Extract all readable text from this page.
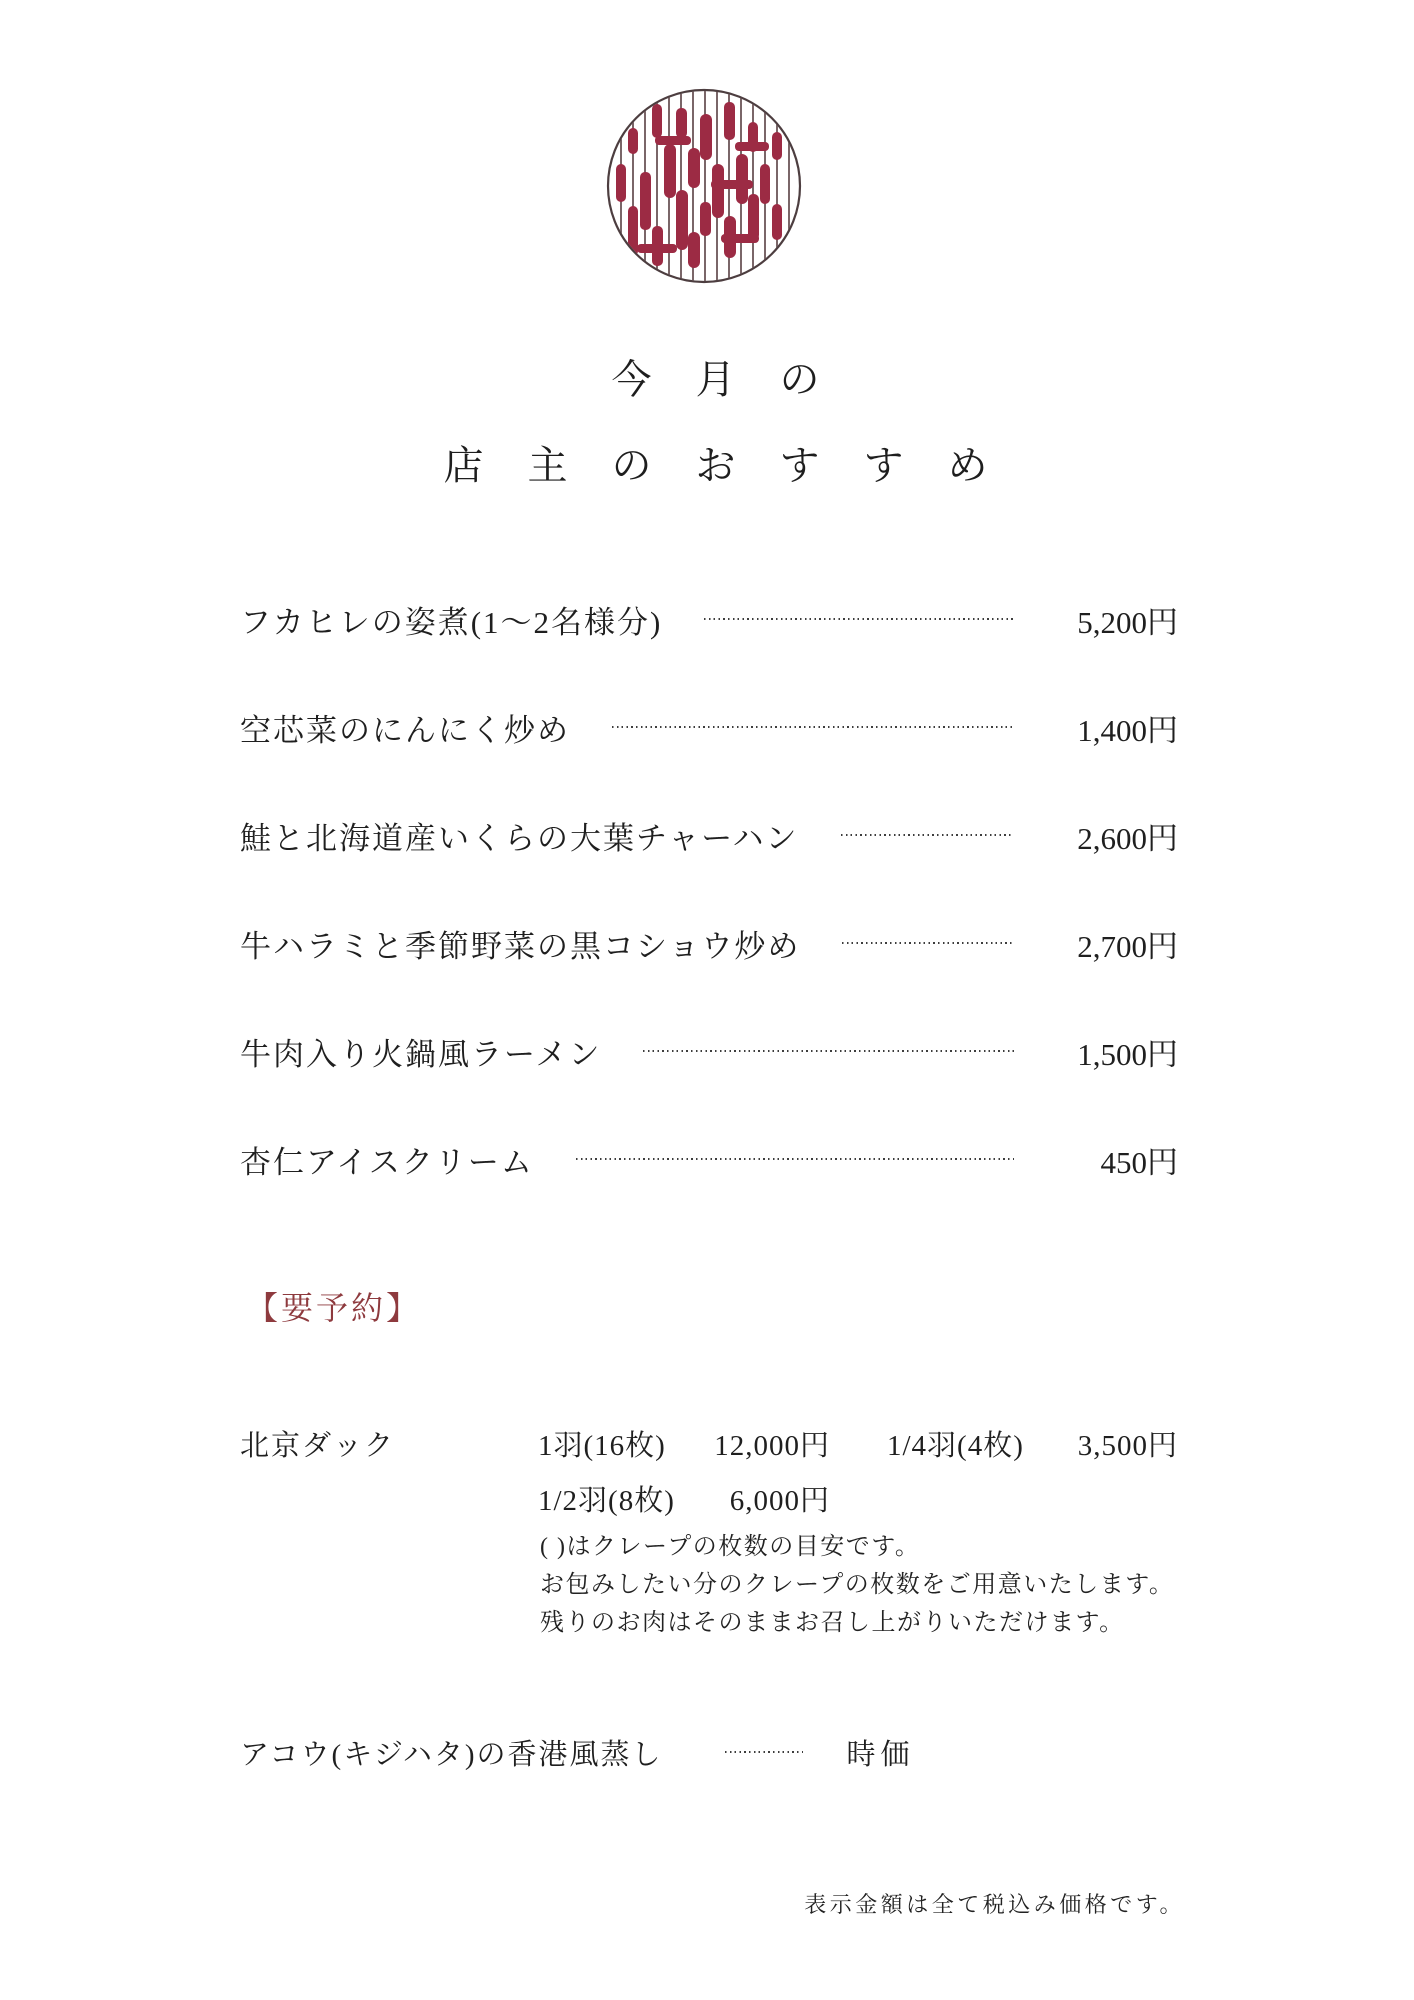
今 月 の
店 主 の お す す め
フカヒレの姿煮(1～2名様分)	5,200円
空芯菜のにんにく炒め	1,400円
鮭と北海道産いくらの大葉チャーハン	2,600円
牛ハラミと季節野菜の黒コショウ炒め	2,700円
牛肉入り火鍋風ラーメン	1,500円
杏仁アイスクリーム	450円
【要予約】
北京ダック	1羽(16枚)	12,000円 1/4羽(4枚)	3,500円
1/2羽(8枚)	6,000円
( )はクレープの枚数の目安です。
お包みしたい分のクレープの枚数をご用意いたします。
残りのお肉はそのままお召し上がりいただけます。
アコウ(キジハタ)の香港風蒸し	時価
表示金額は全て税込み価格です。
